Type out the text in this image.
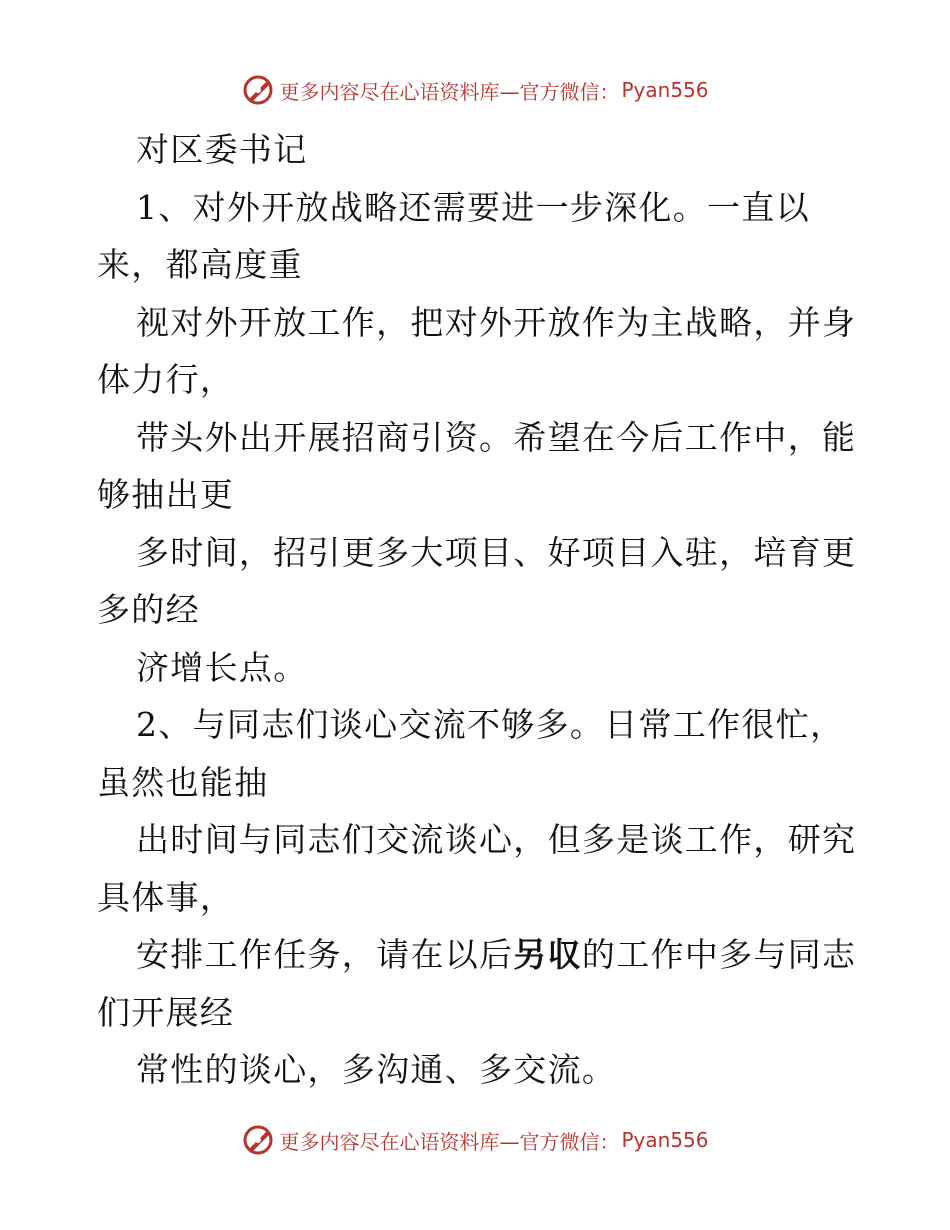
更多内容尽在心语资料库—官方微信： Pyan556

对区委书记

1、对外开放战略还需要进一步深化。一直以来，都高度重

视对外开放工作，把对外开放作为主战略，并身体力行，

带头外出开展招商引资。希望在今后工作中，能够抽出更

多时间，招引更多大项目、好项目入驻，培育更多的经

济增长点。

2、与同志们谈心交流不够多。日常工作很忙，虽然也能抽

出时间与同志们交流谈心，但多是谈工作，研究具体事，

安排工作任务，请在以后另収的工作中多与同志们开展经

常性的谈心，多沟通、多交流。

更多内容尽在心语资料库—官方微信： Pyan556
